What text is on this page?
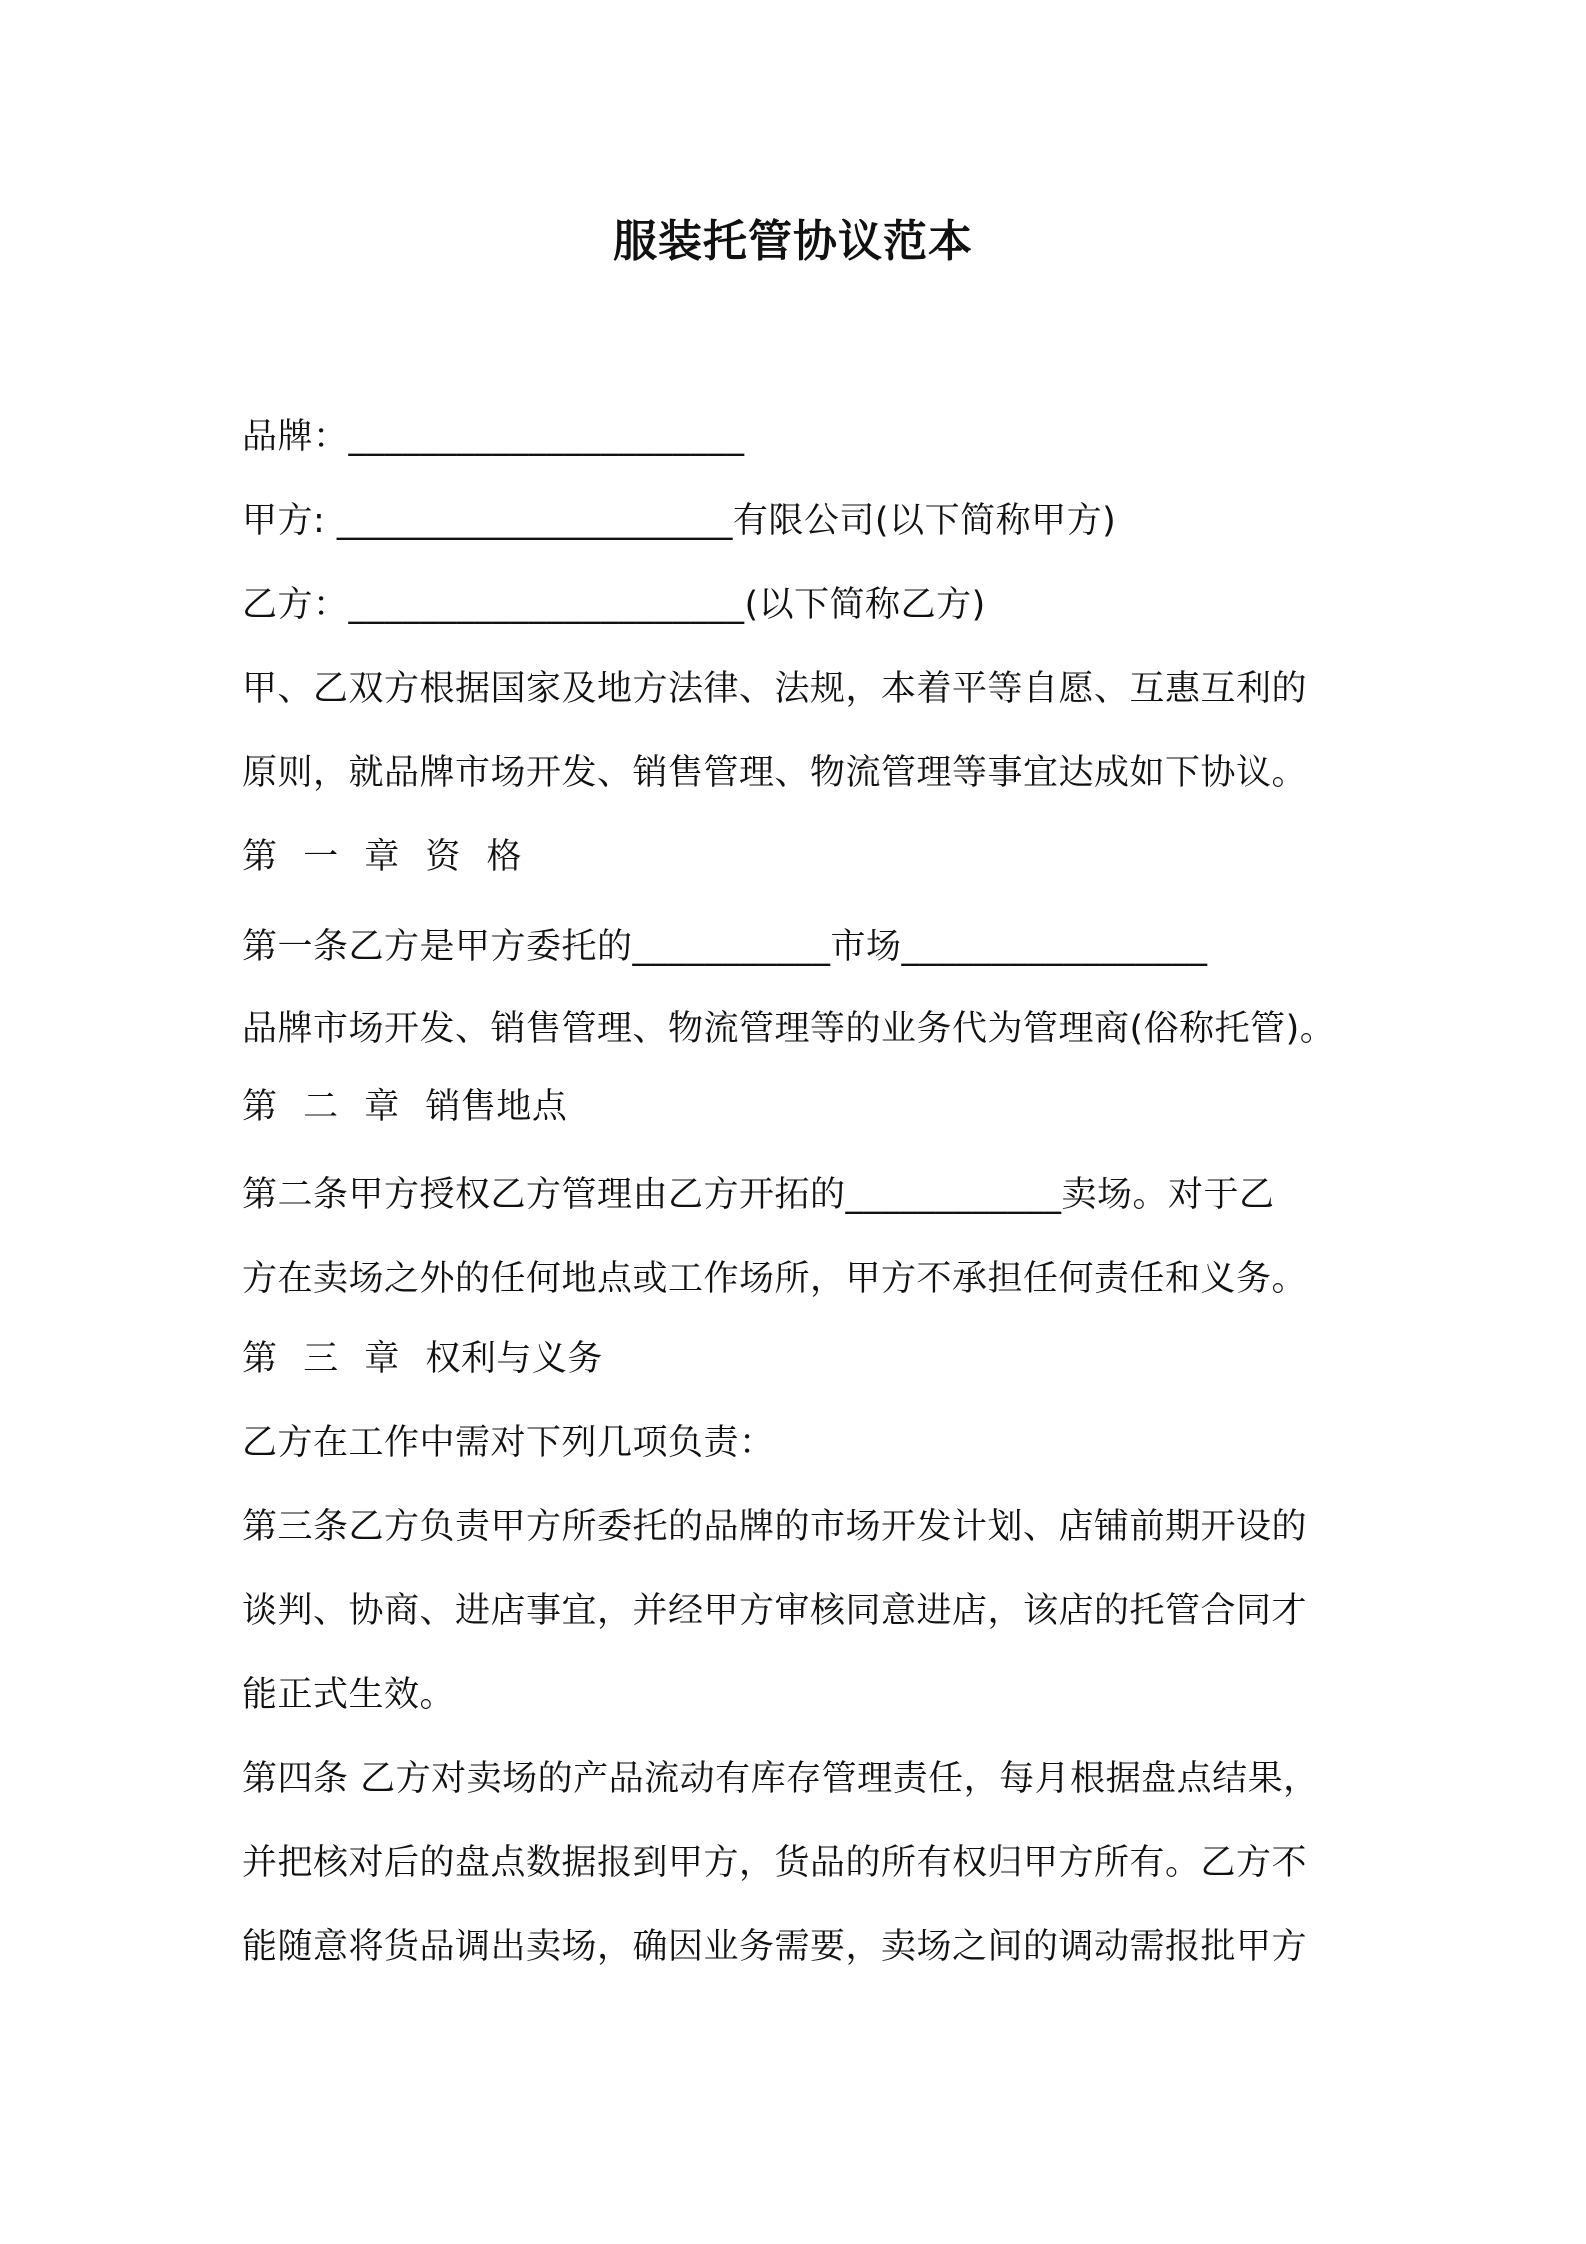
服装托管协议范本
品牌：______________________
甲方: ______________________有限公司(以下简称甲方)
乙方：______________________(以下简称乙方)
甲、乙双方根据国家及地方法律、法规，本着平等自愿、互惠互利的
原则，就品牌市场开发、销售管理、物流管理等事宜达成如下协议。
第 一 章 资 格
第一条乙方是甲方委托的___________市场_________________
品牌市场开发、销售管理、物流管理等的业务代为管理商(俗称托管)。
第 二 章 销售地点
第二条甲方授权乙方管理由乙方开拓的____________卖场。对于乙
方在卖场之外的任何地点或工作场所，甲方不承担任何责任和义务。
第 三 章 权利与义务
乙方在工作中需对下列几项负责：
第三条乙方负责甲方所委托的品牌的市场开发计划、店铺前期开设的
谈判、协商、进店事宜，并经甲方审核同意进店，该店的托管合同才
能正式生效。
第四条 乙方对卖场的产品流动有库存管理责任，每月根据盘点结果，
并把核对后的盘点数据报到甲方，货品的所有权归甲方所有。乙方不
能随意将货品调出卖场，确因业务需要，卖场之间的调动需报批甲方
